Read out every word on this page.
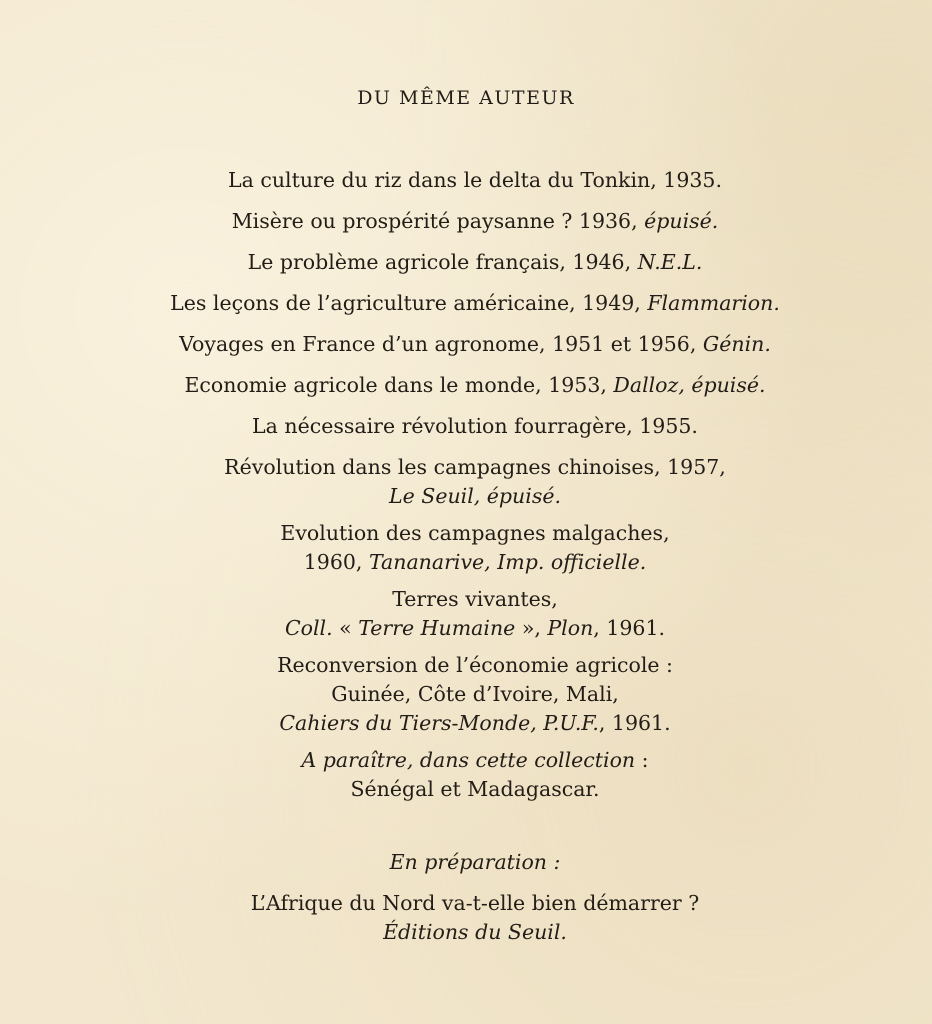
DU MÊME AUTEUR

La culture du riz dans le delta du Tonkin, 1935.

Misère ou prospérité paysanne ? 1936, épuisé.

Le problème agricole français, 1946, N.E.L.

Les leçons de l’agriculture américaine, 1949, Flammarion.

Voyages en France d’un agronome, 1951 et 1956, Génin.

Economie agricole dans le monde, 1953, Dalloz, épuisé.

La nécessaire révolution fourragère, 1955.

Révolution dans les campagnes chinoises, 1957,
Le Seuil, épuisé.

Evolution des campagnes malgaches,
1960, Tananarive, Imp. officielle.

Terres vivantes,
Coll. « Terre Humaine », Plon, 1961.

Reconversion de l’économie agricole :
Guinée, Côte d’Ivoire, Mali,
Cahiers du Tiers-Monde, P.U.F., 1961.

A paraître, dans cette collection :
Sénégal et Madagascar.

En préparation :

L’Afrique du Nord va-t-elle bien démarrer ?
Éditions du Seuil.
